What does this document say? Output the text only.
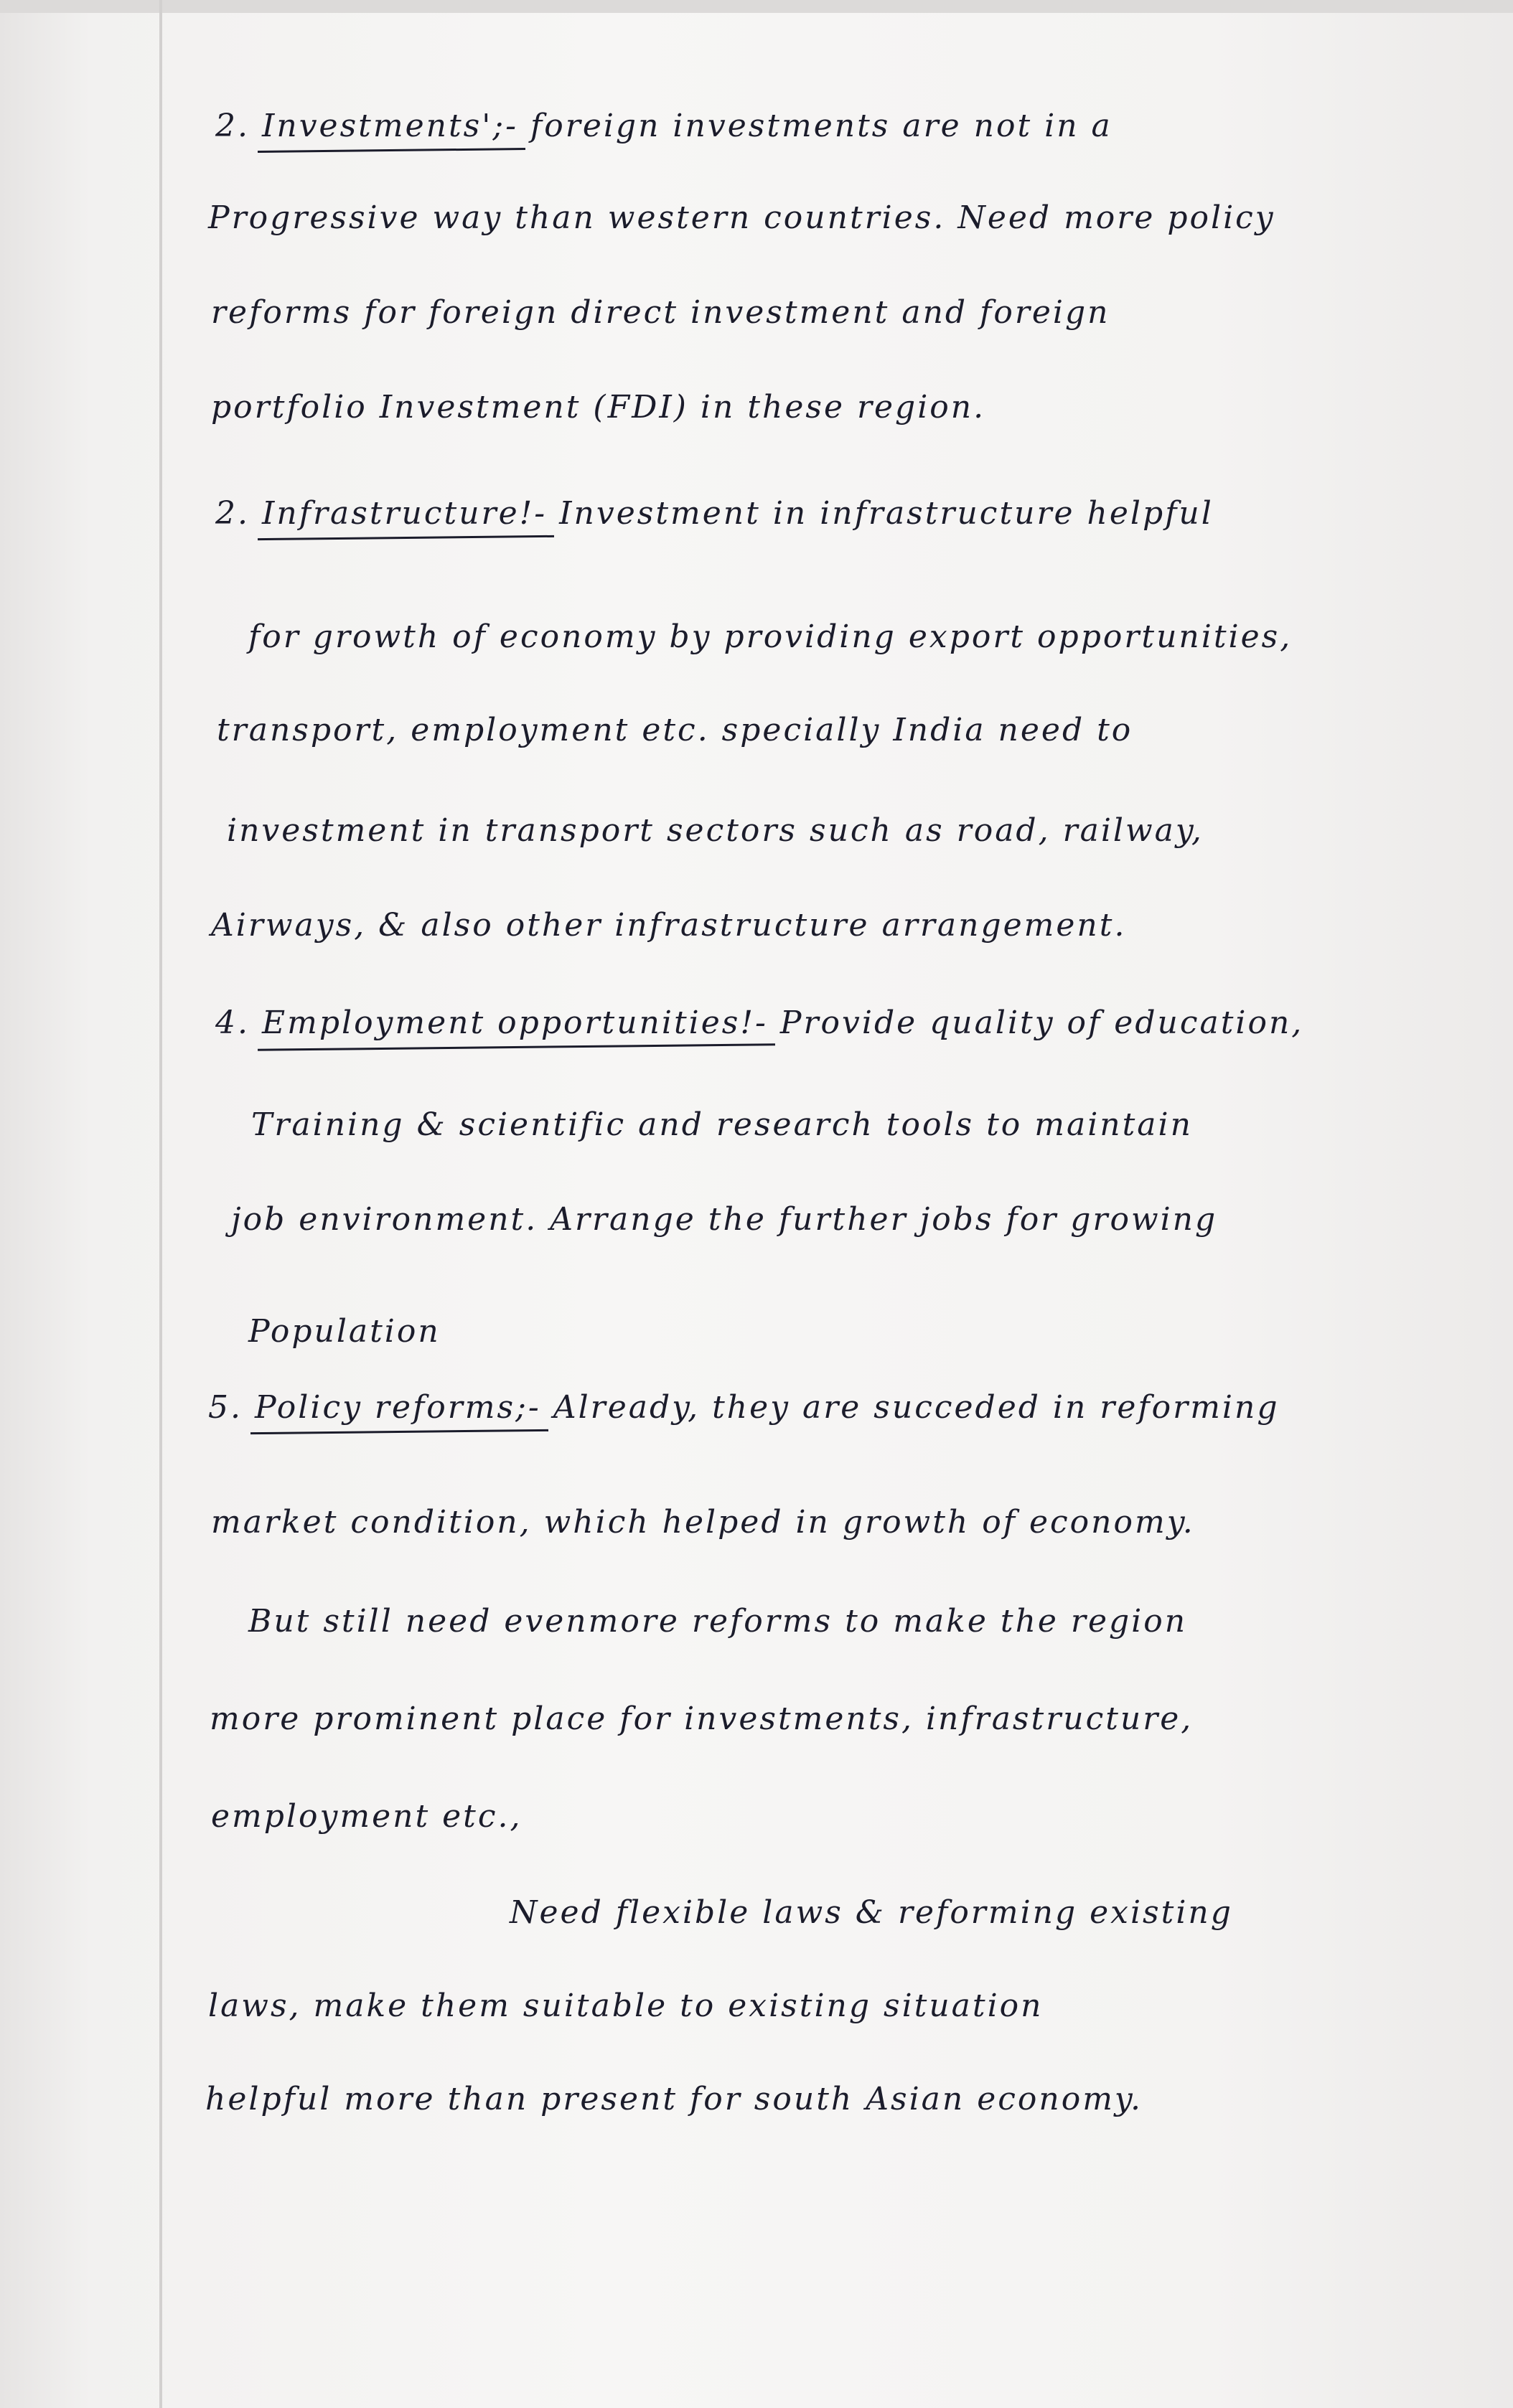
2. Investments';- foreign investments are not in a
Progressive way than western countries. Need more policy
reforms for foreign direct investment and foreign
portfolio Investment (FDI) in these region.
2. Infrastructure!- Investment in infrastructure helpful
for growth of economy by providing export opportunities,
transport, employment etc. specially India need to
investment in transport sectors such as road, railway,
Airways, & also other infrastructure arrangement.
4. Employment opportunities!- Provide quality of education,
Training & scientific and research tools to maintain
job environment. Arrange the further jobs for growing
Population
5. Policy reforms;- Already, they are succeded in reforming
market condition, which helped in growth of economy.
But still need evenmore reforms to make the region
more prominent place for investments, infrastructure,
employment etc.,
Need flexible laws & reforming existing
laws, make them suitable to existing situation
helpful more than present for south Asian economy.
